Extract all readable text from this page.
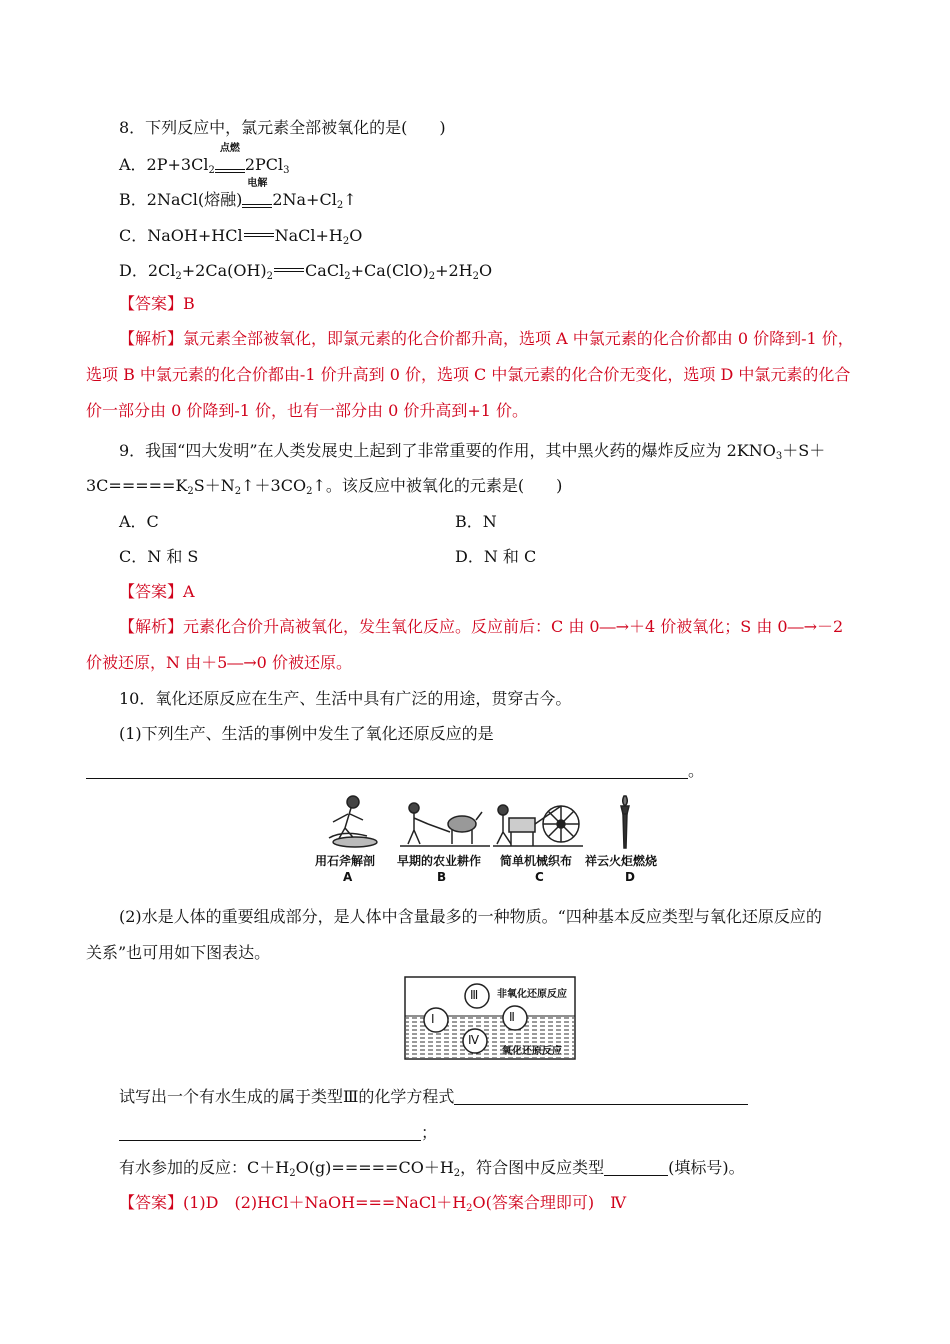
8．下列反应中，氯元素全部被氧化的是(　　)
A．$2P+3Cl_2$
点燃
2PCl$_3$
B．2NaCl(熔融)
电解
$2Na+Cl_2↑$
C．NaOH+HCl $NaCl+H_2O$
D．$2Cl_2+2Ca(OH)_2$ $CaCl_2+Ca(ClO)_2+2H_2O$
【答案】B
【解析】氯元素全部被氧化，即氯元素的化合价都升高，选项 A 中氯元素的化合价都由 0 价降到-1 价，
选项 B 中氯元素的化合价都由-1 价升高到 0 价，选项 C 中氯元素的化合价无变化，选项 D 中氯元素的化合
价一部分由 0 价降到-1 价，也有一部分由 0 价升高到+1 价。
9．我国“四大发明”在人类发展史上起到了非常重要的作用，其中黑火药的爆炸反应为 $2KNO_3+S+$
$3C=====K_2S+N_2↑+3CO_2↑$。该反应中被氧化的元素是(　　)
A．C	B．N
C．N 和 S	D．N 和 C
【答案】A
【解析】元素化合价升高被氧化，发生氧化反应。反应前后：C 由 0―→＋4 价被氧化；S 由 0―→－2
价被还原，N 由＋5―→0 价被还原。
10．氧化还原反应在生产、生活中具有广泛的用途，贯穿古今。
(1)下列生产、生活的事例中发生了氧化还原反应的是
。
用石斧解剖 早期的农业耕作 简单机械织布 祥云火炬燃烧
A	B	C	D
(2)水是人体的重要组成部分，是人体中含量最多的一种物质。“四种基本反应类型与氧化还原反应的
关系”也可用如下图表达。
Ⅲ
Ⅰ	Ⅱ
Ⅳ
非氧化还原反应
氧化还原反应
试写出一个有水生成的属于类型Ⅲ的化学方程式
；
有水参加的反应：$C+H_2O(g)=====CO+H_2$，符合图中反应类型	(填标号)。
【答案】(1)D　$(2)HCl+NaOH===NaCl+H_2O$(答案合理即可)　Ⅳ
